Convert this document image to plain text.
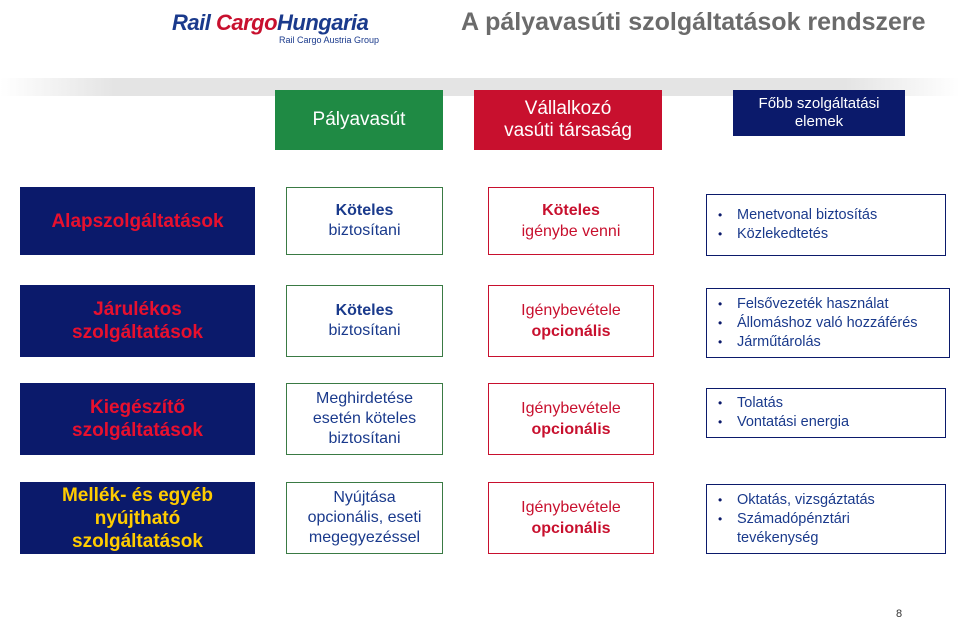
Rail CargoHungaria
Rail Cargo Austria Group
A pályavasúti szolgáltatások rendszere
Pályavasút
Vállalkozó
vasúti társaság
Főbb szolgáltatási
elemek
Alapszolgáltatások	Köteles
biztosítani
Köteles
igénybe venni
• Menetvonal biztosítás
• Közlekedtetés
Járulékos
szolgáltatások
Köteles
biztosítani
Igénybevétele
opcionális
• Felsővezeték használat
• Állomáshoz való hozzáférés
• Járműtárolás
Kiegészítő
szolgáltatások
Meghirdetése
esetén köteles
biztosítani
Igénybevétele
opcionális
• Tolatás
• Vontatási energia
Mellék- és egyéb
nyújtható
szolgáltatások
Nyújtása
opcionális, eseti
megegyezéssel
Igénybevétele
opcionális
• Oktatás, vizsgáztatás
• Számadópénztári
tevékenység
8
